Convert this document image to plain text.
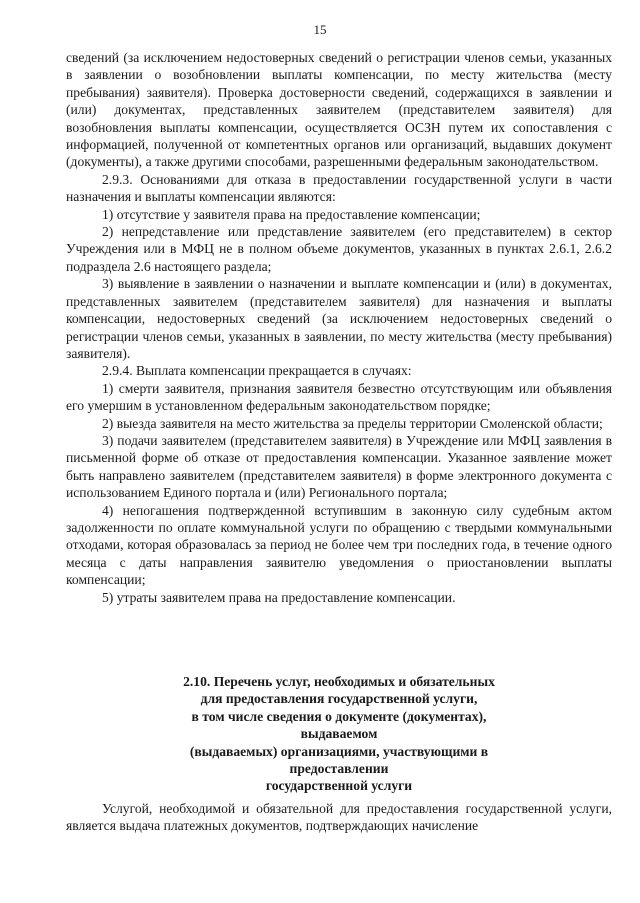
15

сведений (за исключением недостоверных сведений о регистрации членов семьи, указанных в заявлении о возобновлении выплаты компенсации, по месту жительства (месту пребывания) заявителя). Проверка достоверности сведений, содержащихся в заявлении и (или) документах, представленных заявителем (представителем заявителя) для возобновления выплаты компенсации, осуществляется ОСЗН путем их сопоставления с информацией, полученной от компетентных органов или организаций, выдавших документ (документы), а также другими способами, разрешенными федеральным законодательством.

2.9.3. Основаниями для отказа в предоставлении государственной услуги в части назначения и выплаты компенсации являются:

1) отсутствие у заявителя права на предоставление компенсации;

2) непредставление или представление заявителем (его представителем) в сектор Учреждения или в МФЦ не в полном объеме документов, указанных в пунктах 2.6.1, 2.6.2 подраздела 2.6 настоящего раздела;

3) выявление в заявлении о назначении и выплате компенсации и (или) в документах, представленных заявителем (представителем заявителя) для назначения и выплаты компенсации, недостоверных сведений (за исключением недостоверных сведений о регистрации членов семьи, указанных в заявлении, по месту жительства (месту пребывания) заявителя).

2.9.4. Выплата компенсации прекращается в случаях:

1) смерти заявителя, признания заявителя безвестно отсутствующим или объявления его умершим в установленном федеральным законодательством порядке;

2) выезда заявителя на место жительства за пределы территории Смоленской области;

3) подачи заявителем (представителем заявителя) в Учреждение или МФЦ заявления в письменной форме об отказе от предоставления компенсации. Указанное заявление может быть направлено заявителем (представителем заявителя) в форме электронного документа с использованием Единого портала и (или) Регионального портала;

4) непогашения подтвержденной вступившим в законную силу судебным актом задолженности по оплате коммунальной услуги по обращению с твердыми коммунальными отходами, которая образовалась за период не более чем три последних года, в течение одного месяца с даты направления заявителю уведомления о приостановлении выплаты компенсации;

5) утраты заявителем права на предоставление компенсации.

2.10. Перечень услуг, необходимых и обязательных
для предоставления государственной услуги,
в том числе сведения о документе (документах),
выдаваемом
(выдаваемых) организациями, участвующими в
предоставлении
государственной услуги

Услугой, необходимой и обязательной для предоставления государственной услуги, является выдача платежных документов, подтверждающих начисление
